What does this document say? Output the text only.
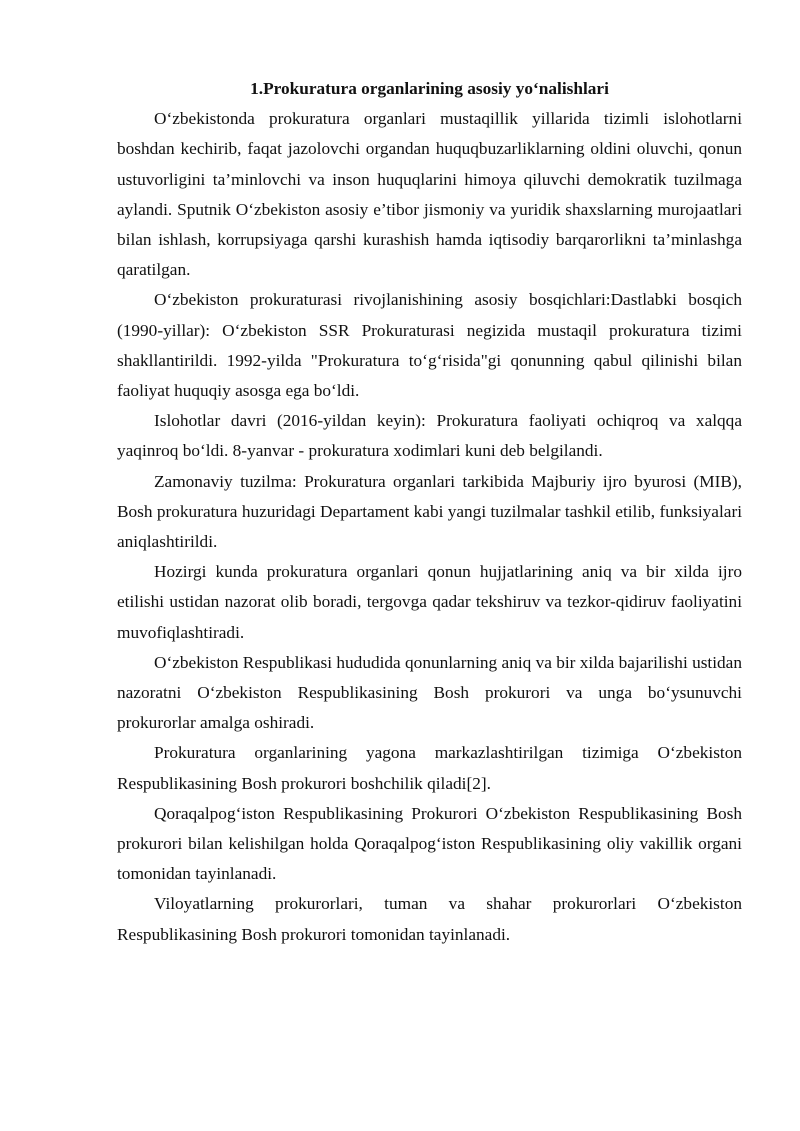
1.Prokuratura organlarining asosiy yo‘nalishlari

O‘zbekistonda prokuratura organlari mustaqillik yillarida tizimli islohotlarni boshdan kechirib, faqat jazolovchi organdan huquqbuzarliklarning oldini oluvchi, qonun ustuvorligini ta’minlovchi va inson huquqlarini himoya qiluvchi demokratik tuzilmaga aylandi. Sputnik O‘zbekiston asosiy e’tibor jismoniy va yuridik shaxslarning murojaatlari bilan ishlash, korrupsiyaga qarshi kurashish hamda iqtisodiy barqarorlikni ta’minlashga qaratilgan.

O‘zbekiston prokuraturasi rivojlanishining asosiy bosqichlari:Dastlabki bosqich (1990-yillar): O‘zbekiston SSR Prokuraturasi negizida mustaqil prokuratura tizimi shakllantirildi. 1992-yilda "Prokuratura to‘g‘risida"gi qonunning qabul qilinishi bilan faoliyat huquqiy asosga ega bo‘ldi.

Islohotlar davri (2016-yildan keyin): Prokuratura faoliyati ochiqroq va xalqqa yaqinroq bo‘ldi. 8-yanvar - prokuratura xodimlari kuni deb belgilandi.

Zamonaviy tuzilma: Prokuratura organlari tarkibida Majburiy ijro byurosi (MIB), Bosh prokuratura huzuridagi Departament kabi yangi tuzilmalar tashkil etilib, funksiyalari aniqlashtirildi.

Hozirgi kunda prokuratura organlari qonun hujjatlarining aniq va bir xilda ijro etilishi ustidan nazorat olib boradi, tergovga qadar tekshiruv va tezkor-qidiruv faoliyatini muvofiqlashtiradi.

O‘zbekiston Respublikasi hududida qonunlarning aniq va bir xilda bajarilishi ustidan nazoratni O‘zbekiston Respublikasining Bosh prokurori va unga bo‘ysunuvchi prokurorlar amalga oshiradi.

Prokuratura organlarining yagona markazlashtirilgan tizimiga O‘zbekiston Respublikasining Bosh prokurori boshchilik qiladi[2].

Qoraqalpog‘iston Respublikasining Prokurori O‘zbekiston Respublikasining Bosh prokurori bilan kelishilgan holda Qoraqalpog‘iston Respublikasining oliy vakillik organi tomonidan tayinlanadi.

Viloyatlarning prokurorlari, tuman va shahar prokurorlari O‘zbekiston Respublikasining Bosh prokurori tomonidan tayinlanadi.
